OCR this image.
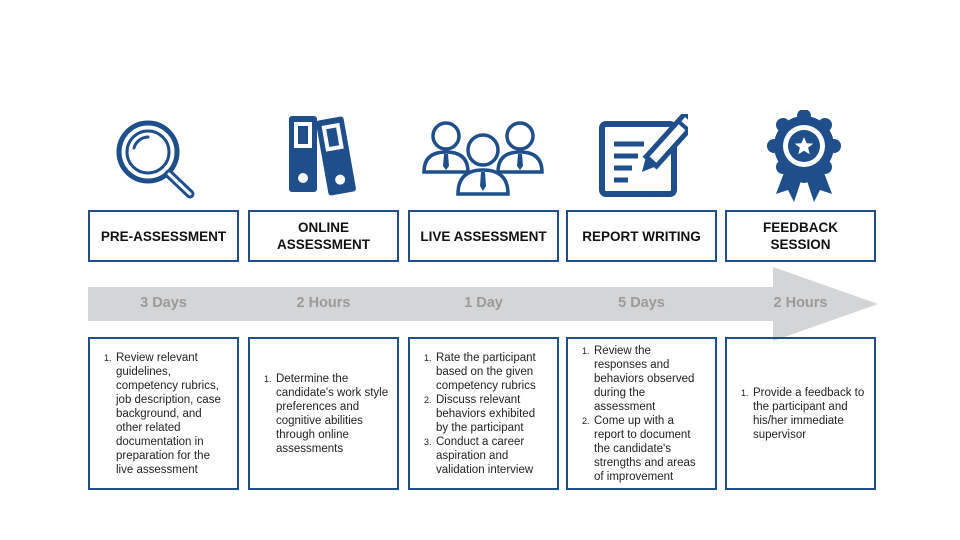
PRE-ASSESSMENT
ONLINE ASSESSMENT
LIVE ASSESSMENT	REPORT WRITING
FEEDBACK SESSION
3 Days	2 Hours	1 Day	5 Days	2 Hours
1. Review relevant guidelines, competency rubrics, job description, case background, and other related documentation in preparation for the live assessment
1. Determine the candidate's work style preferences and cognitive abilities through online assessments
1. Rate the participant based on the given competency rubrics
2. Discuss relevant behaviors exhibited by the participant
3. Conduct a career aspiration and validation interview
1. Review the responses and behaviors observed during the assessment
2. Come up with a report to document the candidate's strengths and areas of improvement
1. Provide a feedback to the participant and his/her immediate supervisor
